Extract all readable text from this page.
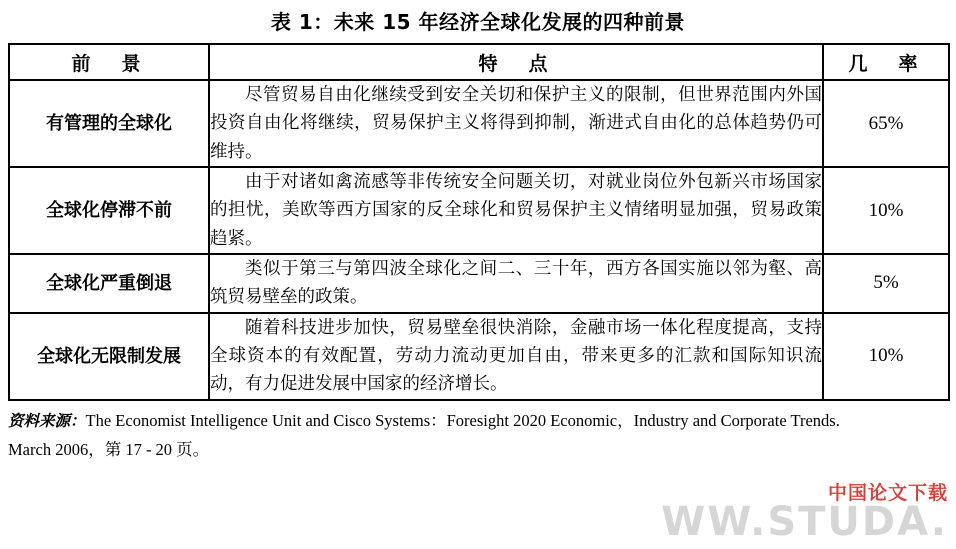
表 1：未来 15 年经济全球化发展的四种前景
前　景	特　点	几　率
有管理的全球化	尽管贸易自由化继续受到安全关切和保护主义的限制，但世界范围内外国投资自由化将继续，贸易保护主义将得到抑制，渐进式自由化的总体趋势仍可维持。	65%
全球化停滞不前	由于对诸如禽流感等非传统安全问题关切，对就业岗位外包新兴市场国家的担忧，美欧等西方国家的反全球化和贸易保护主义情绪明显加强，贸易政策趋紧。	10%
全球化严重倒退	类似于第三与第四波全球化之间二、三十年，西方各国实施以邻为壑、高筑贸易壁垒的政策。	5%
全球化无限制发展	随着科技进步加快，贸易壁垒很快消除，金融市场一体化程度提高，支持全球资本的有效配置，劳动力流动更加自由，带来更多的汇款和国际知识流动，有力促进发展中国家的经济增长。	10%
资料来源：The Economist Intelligence Unit and Cisco Systems：Foresight 2020 Economic，Industry and Corporate Trends.
March 2006，第 17 - 20 页。
中国论文下载
WW.STUDA.
